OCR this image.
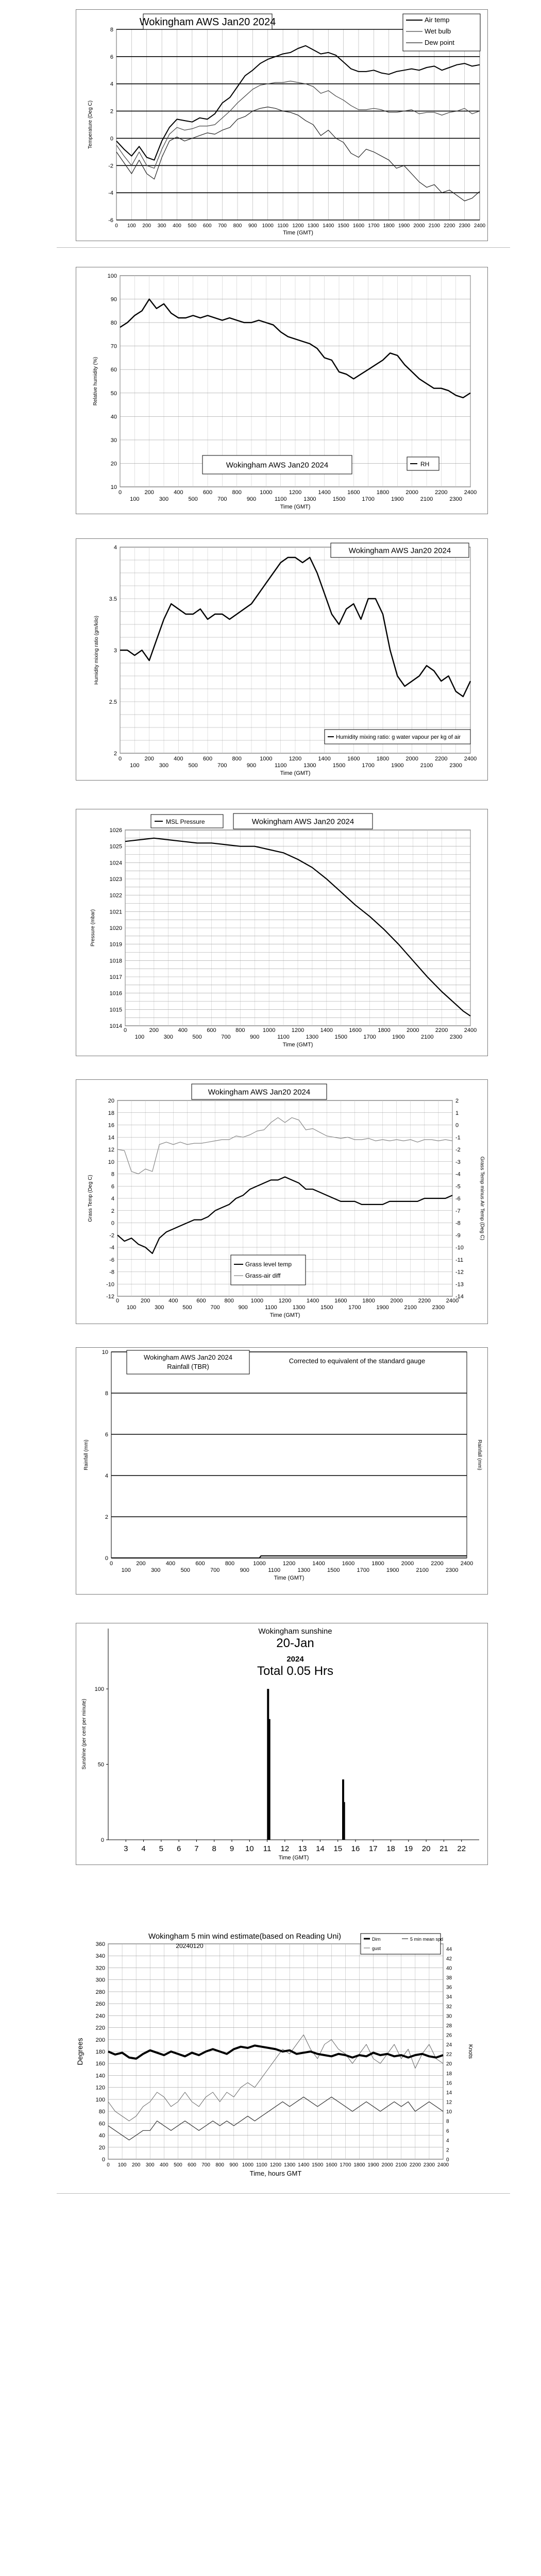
-6
-4
-2
0
2
4
6
8
0 100 200 300 400 500 600 700 800 900 1000 1100 1200 1300 1400 1500 1600 1700 1800 1900 2000 2100 2200 2300 2400
Time (GMT)
Temperature (Deg C)
Wokingham AWS Jan20 2024	Air temp
Wet bulb
Dew point
10
20
30
40
50
60
70
80
90
100
0	200	400	600	800	1000	1200	1400	1600	1800	2000	2200	2400
100	300	500	700	900	1100	1300	1500	1700	1900	2100	2300
Time (GMT)
Relative humidity (%)
Wokingham AWS Jan20 2024	RH
2
2.5
3
3.5
4
0	200	400	600	800	1000	1200	1400	1600	1800	2000	2200	2400
100	300	500	700	900	1100	1300	1500	1700	1900	2100	2300
Time (GMT)
Humidity mixing ratio (gm/kilo)
Wokingham AWS Jan20 2024
Humidity mixing ratio: g water vapour per kg of air
1014
1015
1016
1017
1018
1019
1020
1021
1022
1023
1024
1025
1026
0	200	400	600	800	1000	1200	1400	1600	1800	2000	2200	2400
100	300	500	700	900	1100	1300	1500	1700	1900	2100	2300
Time (GMT)
Pressure (mbar)
MSL Pressure	Wokingham AWS Jan20 2024
-12
-10
-8
-6
-4
-2
0
2
4
6
8
10
12
14
16
18
20
-14
-13
-12
-11
-10
-9
-8
-7
-6
-5
-4
-3
-2
-1
0
1
2
0	200	400	600	800	1000	1200	1400	1600	1800	2000	2200	2400
100	300	500	700	900	1100	1300	1500	1700	1900	2100	2300
Time (GMT)
Grass Temp (Deg C)	Grass Temp minus Air Temp (Deg C)
Wokingham AWS Jan20 2024
Grass level temp
Grass-air diff
0
2
4
6
8
10
0	200	400	600	800	1000	1200	1400	1600	1800	2000	2200	2400
100	300	500	700	900	1100	1300	1500	1700	1900	2100	2300
Time (GMT)
Rainfall (mm)	Rainfall (mm)
Wokingham AWS Jan20 2024
Rainfall (TBR)
Corrected to equivalent of the standard gauge
0
50
100
3 4 5 6 7 8 9 10 11 12 13 14 15 16 17 18 19 20 21 22
Time (GMT)
Sunshine (per cent per minute)
Wokingham sunshine
20-Jan
2024
Total 0.05 Hrs
0
20
40
60
80
100
120
140
160
180
200
220
240
260
280
300
320
340
360
0
2
4
6
8
10
12
14
16
18
20
22
24
26
28
30
32
34
36
38
40
42
44
0 100 200 300 400 500 600 700 800 900 1000 1100 1200 1300 1400 1500 1600 1700 1800 1900 2000 2100 2200 2300 2400
Time, hours GMT
Degrees	Knots
Wokingham 5 min wind estimate(based on Reading Uni)
20240120
Dirn	5 min mean spd
gust
